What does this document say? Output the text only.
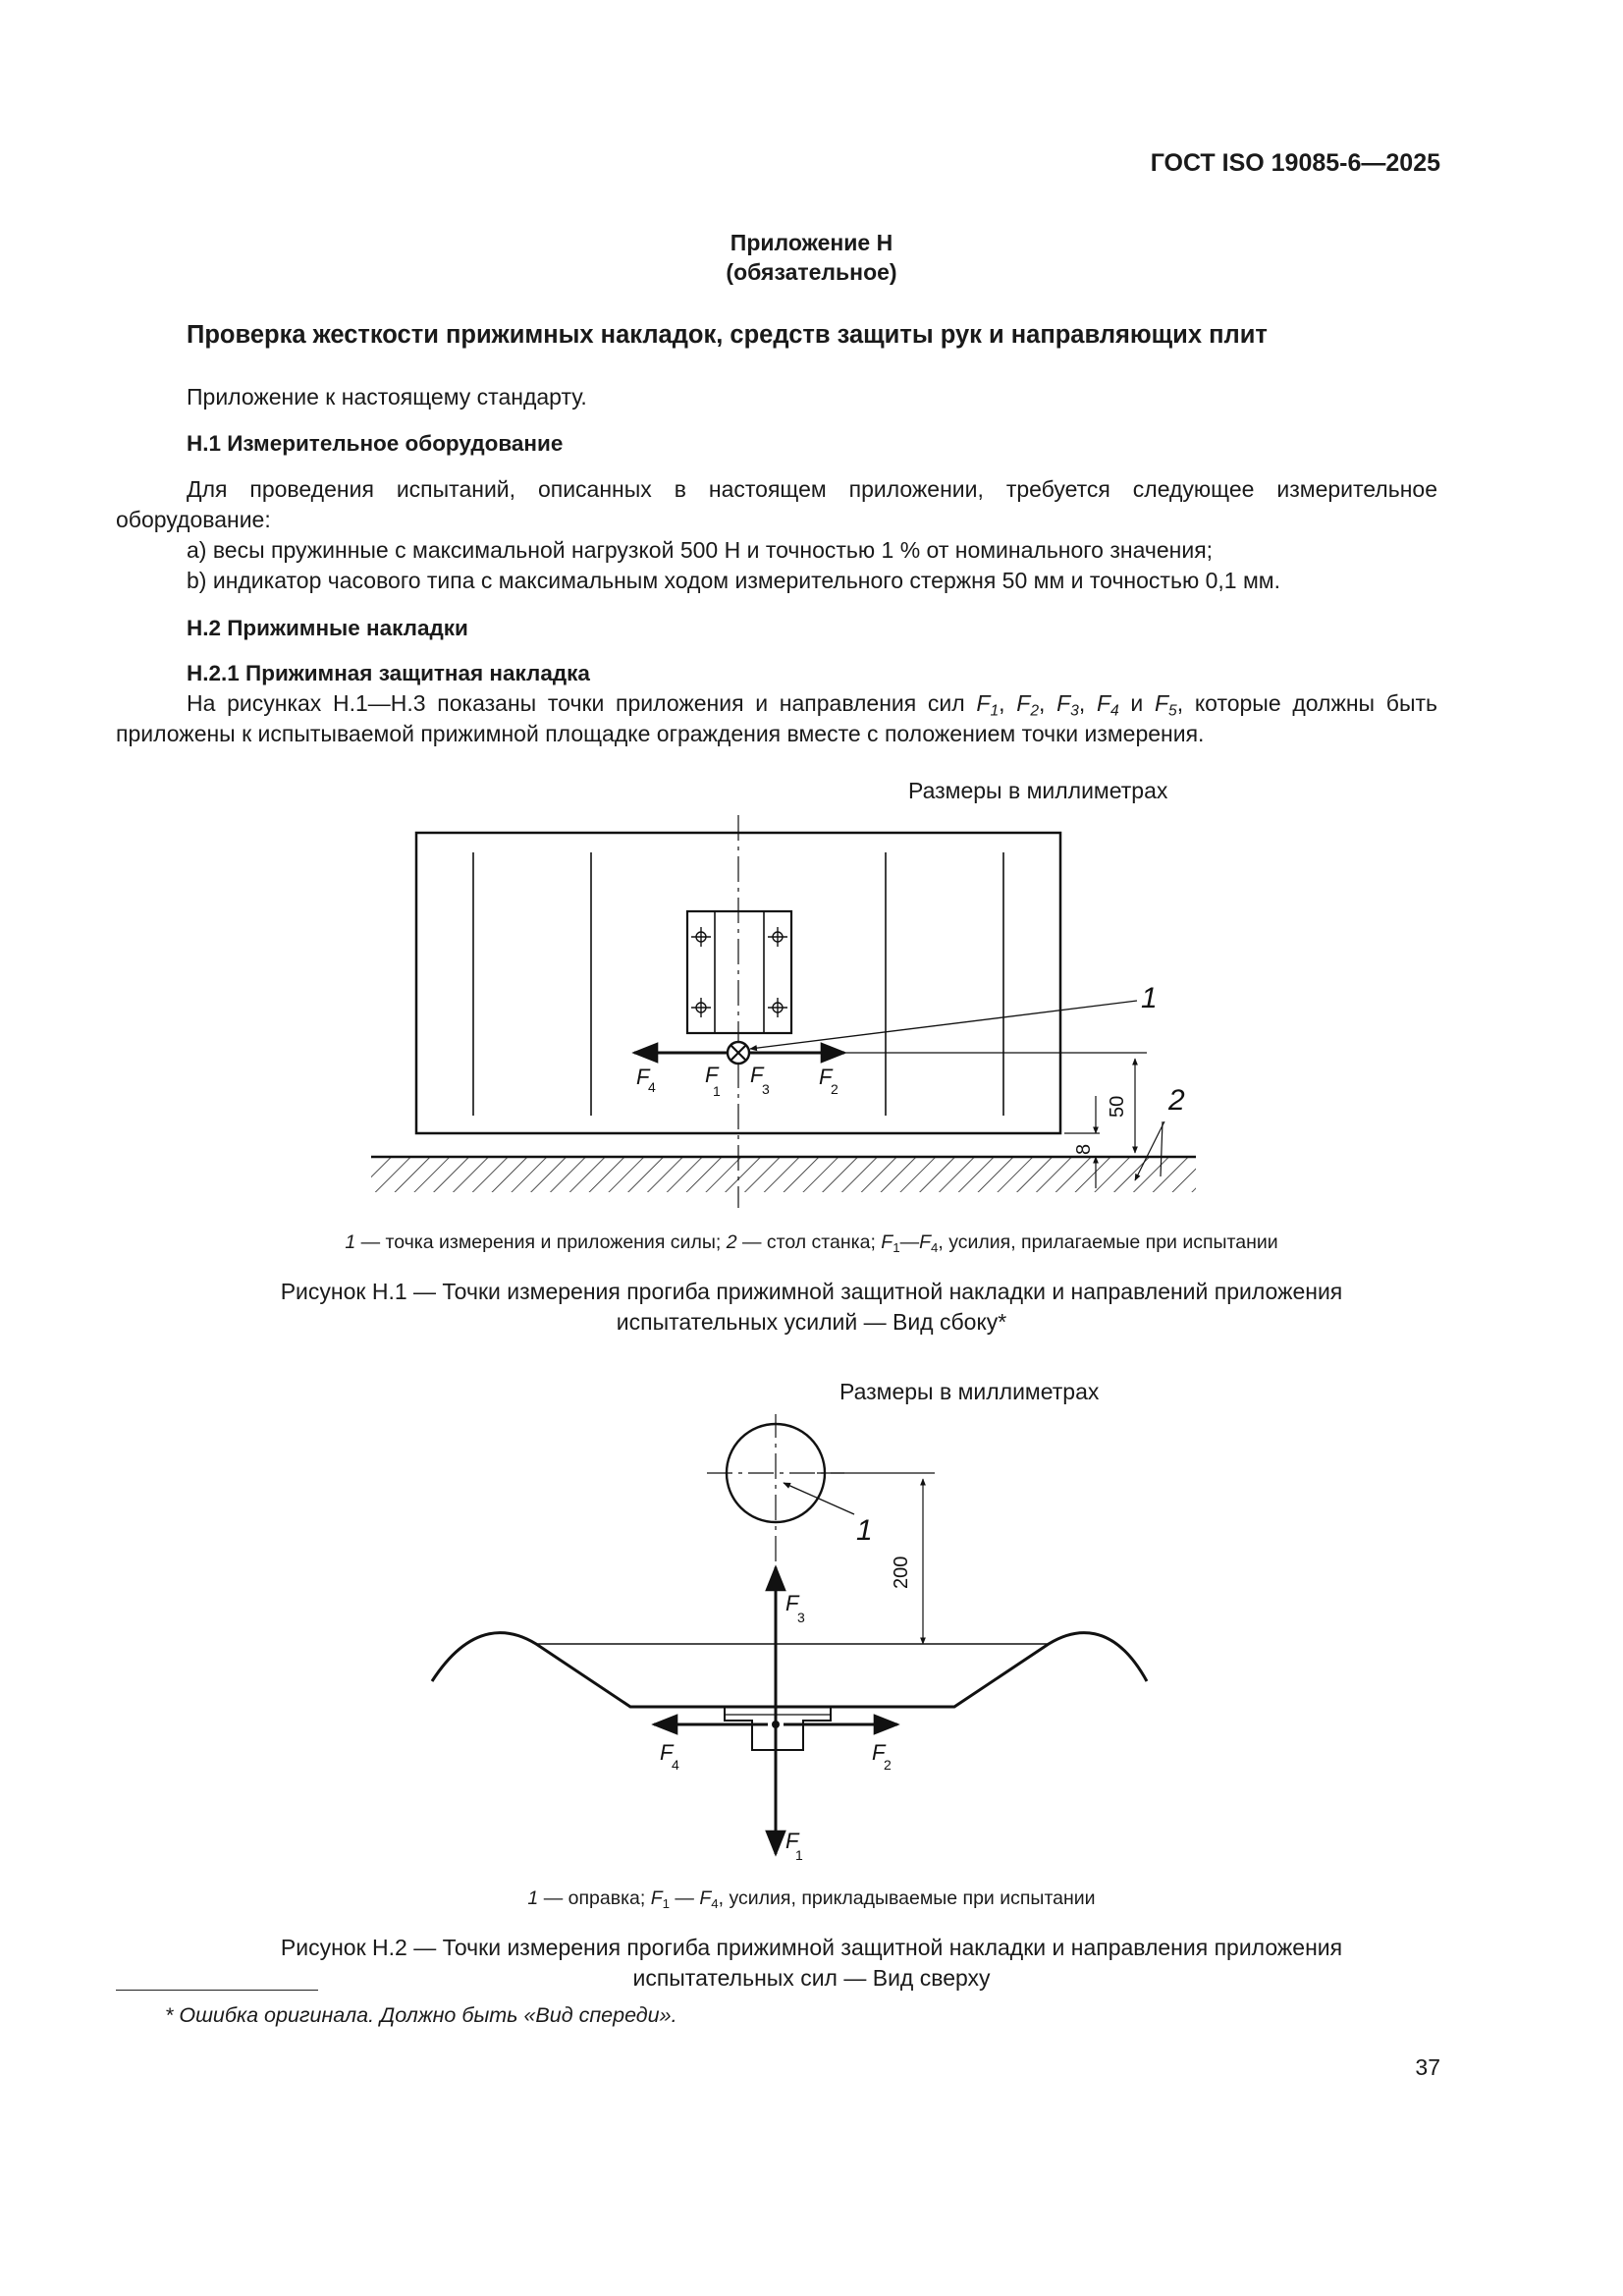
ГОСТ ISO 19085-6—2025
Приложение Н
(обязательное)
Проверка жесткости прижимных накладок, средств защиты рук и направляющих плит

Приложение к настоящему стандарту.

Н.1 Измерительное оборудование

Для проведения испытаний, описанных в настоящем приложении, требуется следующее измерительное оборудование:

a) весы пружинные с максимальной нагрузкой 500 Н и точностью 1 % от номинального значения;

b) индикатор часового типа с максимальным ходом измерительного стержня 50 мм и точностью 0,1 мм.

Н.2 Прижимные накладки

Н.2.1 Прижимная защитная накладка

На рисунках Н.1—Н.3 показаны точки приложения и направления сил $F_1$, $F_2$, $F_3$, $F_4$ и $F_5$, которые должны быть приложены к испытываемой прижимной площадке ограждения вместе с положением точки измерения.

Размеры в миллиметрах
1
50
8
2
F
4 F
1
F
3 F
2
1 — точка измерения и приложения силы; 2 — стол станка; $F_1—F_4$, усилия, прилагаемые при испытании
Рисунок Н.1 — Точки измерения прогиба прижимной защитной накладки и направлений приложения
испытательных усилий — Вид сбоку*
Размеры в миллиметрах
200
1
F
3
F
4	F
2
F
1
1 — оправка; $F_1$ — $F_4$, усилия, прикладываемые при испытании
Рисунок Н.2 — Точки измерения прогиба прижимной защитной накладки и направления приложения
испытательных сил — Вид сверху
* Ошибка оригинала. Должно быть «Вид спереди».
37
